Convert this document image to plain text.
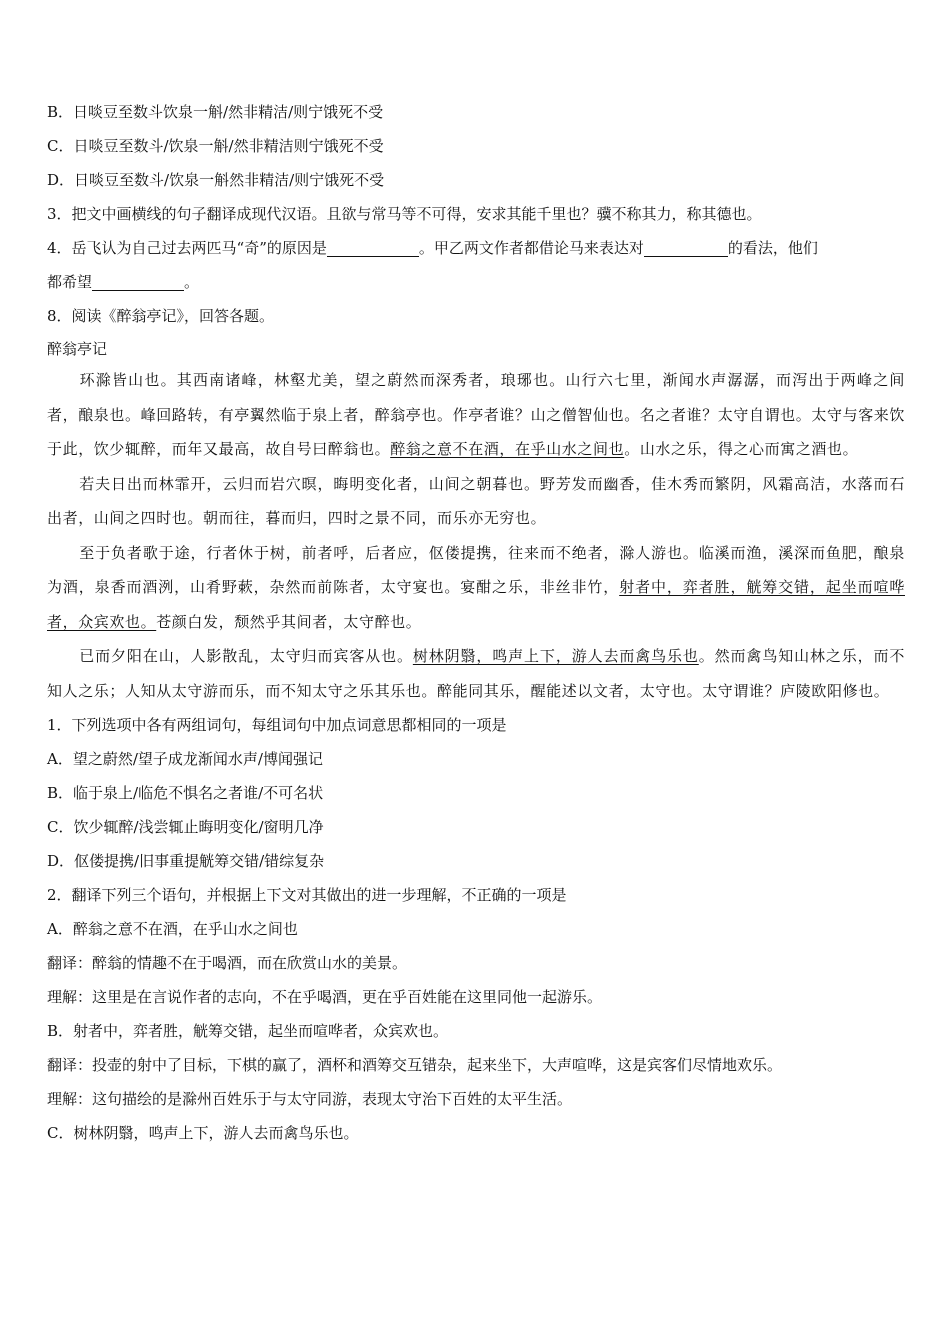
B．日啖豆至数斗饮泉一斛/然非精洁/则宁饿死不受
C．日啖豆至数斗/饮泉一斛/然非精洁则宁饿死不受
D．日啖豆至数斗/饮泉一斛然非精洁/则宁饿死不受
3．把文中画横线的句子翻译成现代汉语。且欲与常马等不可得，安求其能千里也？骥不称其力，称其德也。
4．岳飞认为自己过去两匹马“奇”的原因是	。甲乙两文作者都借论马来表达对	的看法，他们
都希望	。
8．阅读《醉翁亭记》，回答各题。
醉翁亭记
环滁皆山也。其西南诸峰，林壑尤美，望之蔚然而深秀者，琅琊也。山行六七里，渐闻水声潺潺，而泻出于两峰之间者，酿泉也。峰回路转，有亭翼然临于泉上者，醉翁亭也。作亭者谁？山之僧智仙也。名之者谁？太守自谓也。太守与客来饮于此，饮少辄醉，而年又最高，故自号曰醉翁也。醉翁之意不在酒，在乎山水之间也。山水之乐，得之心而寓之酒也。
若夫日出而林霏开，云归而岩穴暝，晦明变化者，山间之朝暮也。野芳发而幽香，佳木秀而繁阴，风霜高洁，水落而石出者，山间之四时也。朝而往，暮而归，四时之景不同，而乐亦无穷也。
至于负者歌于途，行者休于树，前者呼，后者应，伛偻提携，往来而不绝者，滁人游也。临溪而渔，溪深而鱼肥，酿泉为酒，泉香而酒洌，山肴野蔌，杂然而前陈者，太守宴也。宴酣之乐，非丝非竹，射者中，弈者胜，觥筹交错，起坐而喧哗者，众宾欢也。苍颜白发，颓然乎其间者，太守醉也。
已而夕阳在山，人影散乱，太守归而宾客从也。树林阴翳，鸣声上下，游人去而禽鸟乐也。然而禽鸟知山林之乐，而不知人之乐；人知从太守游而乐，而不知太守之乐其乐也。醉能同其乐，醒能述以文者，太守也。太守谓谁？庐陵欧阳修也。
1．下列选项中各有两组词句，每组词句中加点词意思都相同的一项是
A．望之蔚然/望子成龙渐闻水声/博闻强记
B．临于泉上/临危不惧名之者谁/不可名状
C．饮少辄醉/浅尝辄止晦明变化/窗明几净
D．伛偻提携/旧事重提觥筹交错/错综复杂
2．翻译下列三个语句，并根据上下文对其做出的进一步理解，不正确的一项是
A．醉翁之意不在酒，在乎山水之间也
翻译：醉翁的情趣不在于喝酒，而在欣赏山水的美景。
理解：这里是在言说作者的志向，不在乎喝酒，更在乎百姓能在这里同他一起游乐。
B．射者中，弈者胜，觥筹交错，起坐而喧哗者，众宾欢也。
翻译：投壶的射中了目标，下棋的赢了，酒杯和酒筹交互错杂，起来坐下，大声喧哗，这是宾客们尽情地欢乐。
理解：这句描绘的是滁州百姓乐于与太守同游，表现太守治下百姓的太平生活。
C．树林阴翳，鸣声上下，游人去而禽鸟乐也。
